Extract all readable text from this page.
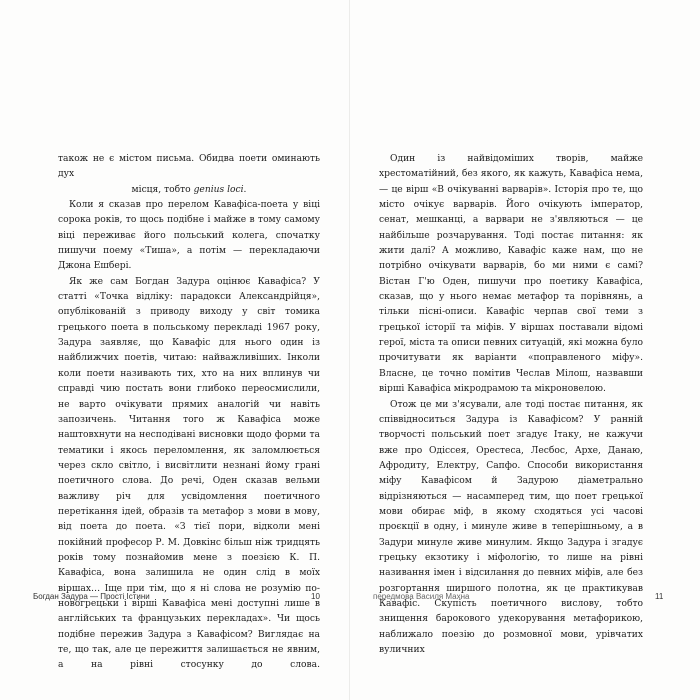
також не є містом письма. Обидва поети оминають дух

місця, тобто genius loci.

Коли я сказав про перелом Кавафіса-поета у віці сорока років, то щось подібне і майже в тому самому віці переживає його польський колега, спочатку пишучи поему «Тиша», а потім — перекладаючи Джона Ешбері.

Як же сам Богдан Задура оцінює Кавафіса? У статті «Точка відліку: парадокси Александрійця», опублікованій з приводу виходу у світ томика грецького поета в польському перекладі 1967 року, Задура заявляє, що Кавафіс для нього один із найближчих поетів, читаю: найважливіших. Інколи коли поети називають тих, хто на них вплинув чи справді чию постать вони глибоко переосмислили, не варто очікувати прямих аналогій чи навіть запозичень. Читання того ж Кавафіса може наштовхнути на несподівані висновки щодо форми та тематики і якось переломлення, як заломлюється через скло світло, і висвітлити незнані йому грані поетичного слова. До речі, Оден сказав вельми важливу річ для усвідомлення поетичного перетікання ідей, образів та метафор з мови в мову, від поета до поета. «З тієї пори, відколи мені покійний професор Р. М. Довкінс більш ніж тридцять років тому познайомив мене з поезією К. П. Кавафіса, вона залишила не один слід в моїх віршах… Іще при тім, що я ні слова не розумію по-новогрецьки і вірші Кавафіса мені доступні лише в англійських та французьких перекладах». Чи щось подібне пережив Задура з Кавафісом? Виглядає на те, що так, але це пережиття залишається не явним, а на рівні стосунку до слова.

Богдан Задура — Прості Істини	10

Один із найвідоміших творів, майже хрестоматійний, без якого, як кажуть, Кавафіса нема, — це вірш «В очікуванні варварів». Історія про те, що місто очікує варварів. Його очікують імператор, сенат, мешканці, а варвари не з'являються — це найбільше розчарування. Тоді постає питання: як жити далі? А можливо, Кавафіс каже нам, що не потрібно очікувати варварів, бо ми ними є самі? Вістан Г'ю Оден, пишучи про поетику Кавафіса, сказав, що у нього немає метафор та порівнянь, а тільки пісні-описи. Кавафіс черпав свої теми з грецької історії та міфів. У віршах поставали відомі герої, міста та описи певних ситуацій, які можна було прочитувати як варіанти «поправленого міфу». Власне, це точно помітив Чеслав Мілош, назвавши вірші Кавафіса мікродрамою та мікроновелою.

Отож це ми з'ясували, але тоді постає питання, як співвідноситься Задура із Кавафісом? У ранній творчості польський поет згадує Ітаку, не кажучи вже про Одіссея, Орестеса, Лесбос, Архе, Данаю, Афродиту, Електру, Сапфо. Способи використання міфу Кавафісом й Задурою діаметрально відрізняються — насамперед тим, що поет грецької мови обирає міф, в якому сходяться усі часові проєкції в одну, і минуле живе в теперішньому, а в Задури минуле живе минулим. Якщо Задура і згадує грецьку екзотику і міфологію, то лише на рівні називання імен і відсилання до певних міфів, але без розгортання ширшого полотна, як це практикував Кавафіс. Скупість поетичного вислову, тобто знищення барокового удекорування метафорикою, наближало поезію до розмовної мови, урівчатих вуличних

передмова Василя Махна	11
